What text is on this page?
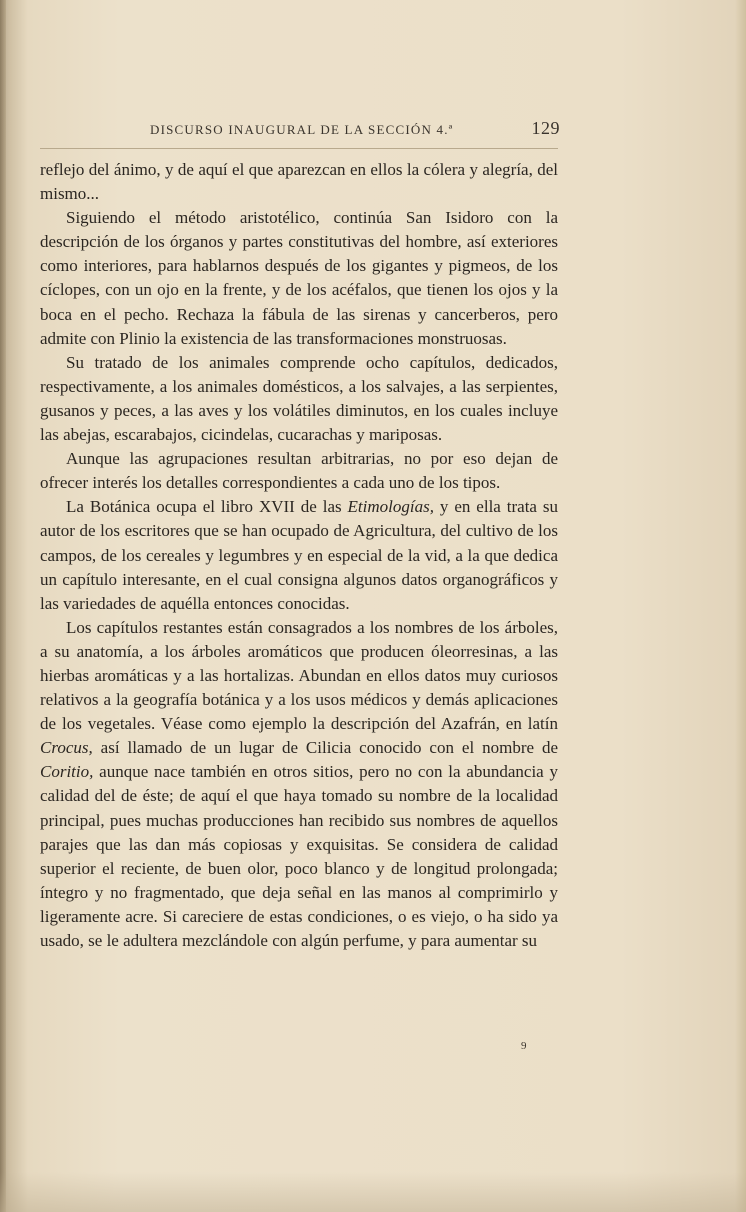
DISCURSO INAUGURAL DE LA SECCIÓN 4.ª	129

reflejo del ánimo, y de aquí el que aparezcan en ellos la cólera y alegría, del mismo...

Siguiendo el método aristotélico, continúa San Isidoro con la descripción de los órganos y partes constitutivas del hombre, así exteriores como interiores, para hablarnos después de los gigantes y pigmeos, de los cíclopes, con un ojo en la frente, y de los acéfalos, que tienen los ojos y la boca en el pecho. Rechaza la fábula de las sirenas y cancerberos, pero admite con Plinio la existencia de las transformaciones monstruosas.

Su tratado de los animales comprende ocho capítulos, dedicados, respectivamente, a los animales domésticos, a los salvajes, a las serpientes, gusanos y peces, a las aves y los volátiles diminutos, en los cuales incluye las abejas, escarabajos, cicindelas, cucarachas y mariposas.

Aunque las agrupaciones resultan arbitrarias, no por eso dejan de ofrecer interés los detalles correspondientes a cada uno de los tipos.

La Botánica ocupa el libro XVII de las Etimologías, y en ella trata su autor de los escritores que se han ocupado de Agricultura, del cultivo de los campos, de los cereales y legumbres y en especial de la vid, a la que dedica un capítulo interesante, en el cual consigna algunos datos organográficos y las variedades de aquélla entonces conocidas.

Los capítulos restantes están consagrados a los nombres de los árboles, a su anatomía, a los árboles aromáticos que producen óleorresinas, a las hierbas aromáticas y a las hortalizas. Abundan en ellos datos muy curiosos relativos a la geografía botánica y a los usos médicos y demás aplicaciones de los vegetales. Véase como ejemplo la descripción del Azafrán, en latín Crocus, así llamado de un lugar de Cilicia conocido con el nombre de Coritio, aunque nace también en otros sitios, pero no con la abundancia y calidad del de éste; de aquí el que haya tomado su nombre de la localidad principal, pues muchas producciones han recibido sus nombres de aquellos parajes que las dan más copiosas y exquisitas. Se considera de calidad superior el reciente, de buen olor, poco blanco y de longitud prolongada; íntegro y no fragmentado, que deja señal en las manos al comprimirlo y ligeramente acre. Si careciere de estas condiciones, o es viejo, o ha sido ya usado, se le adultera mezclándole con algún perfume, y para aumentar su

9
